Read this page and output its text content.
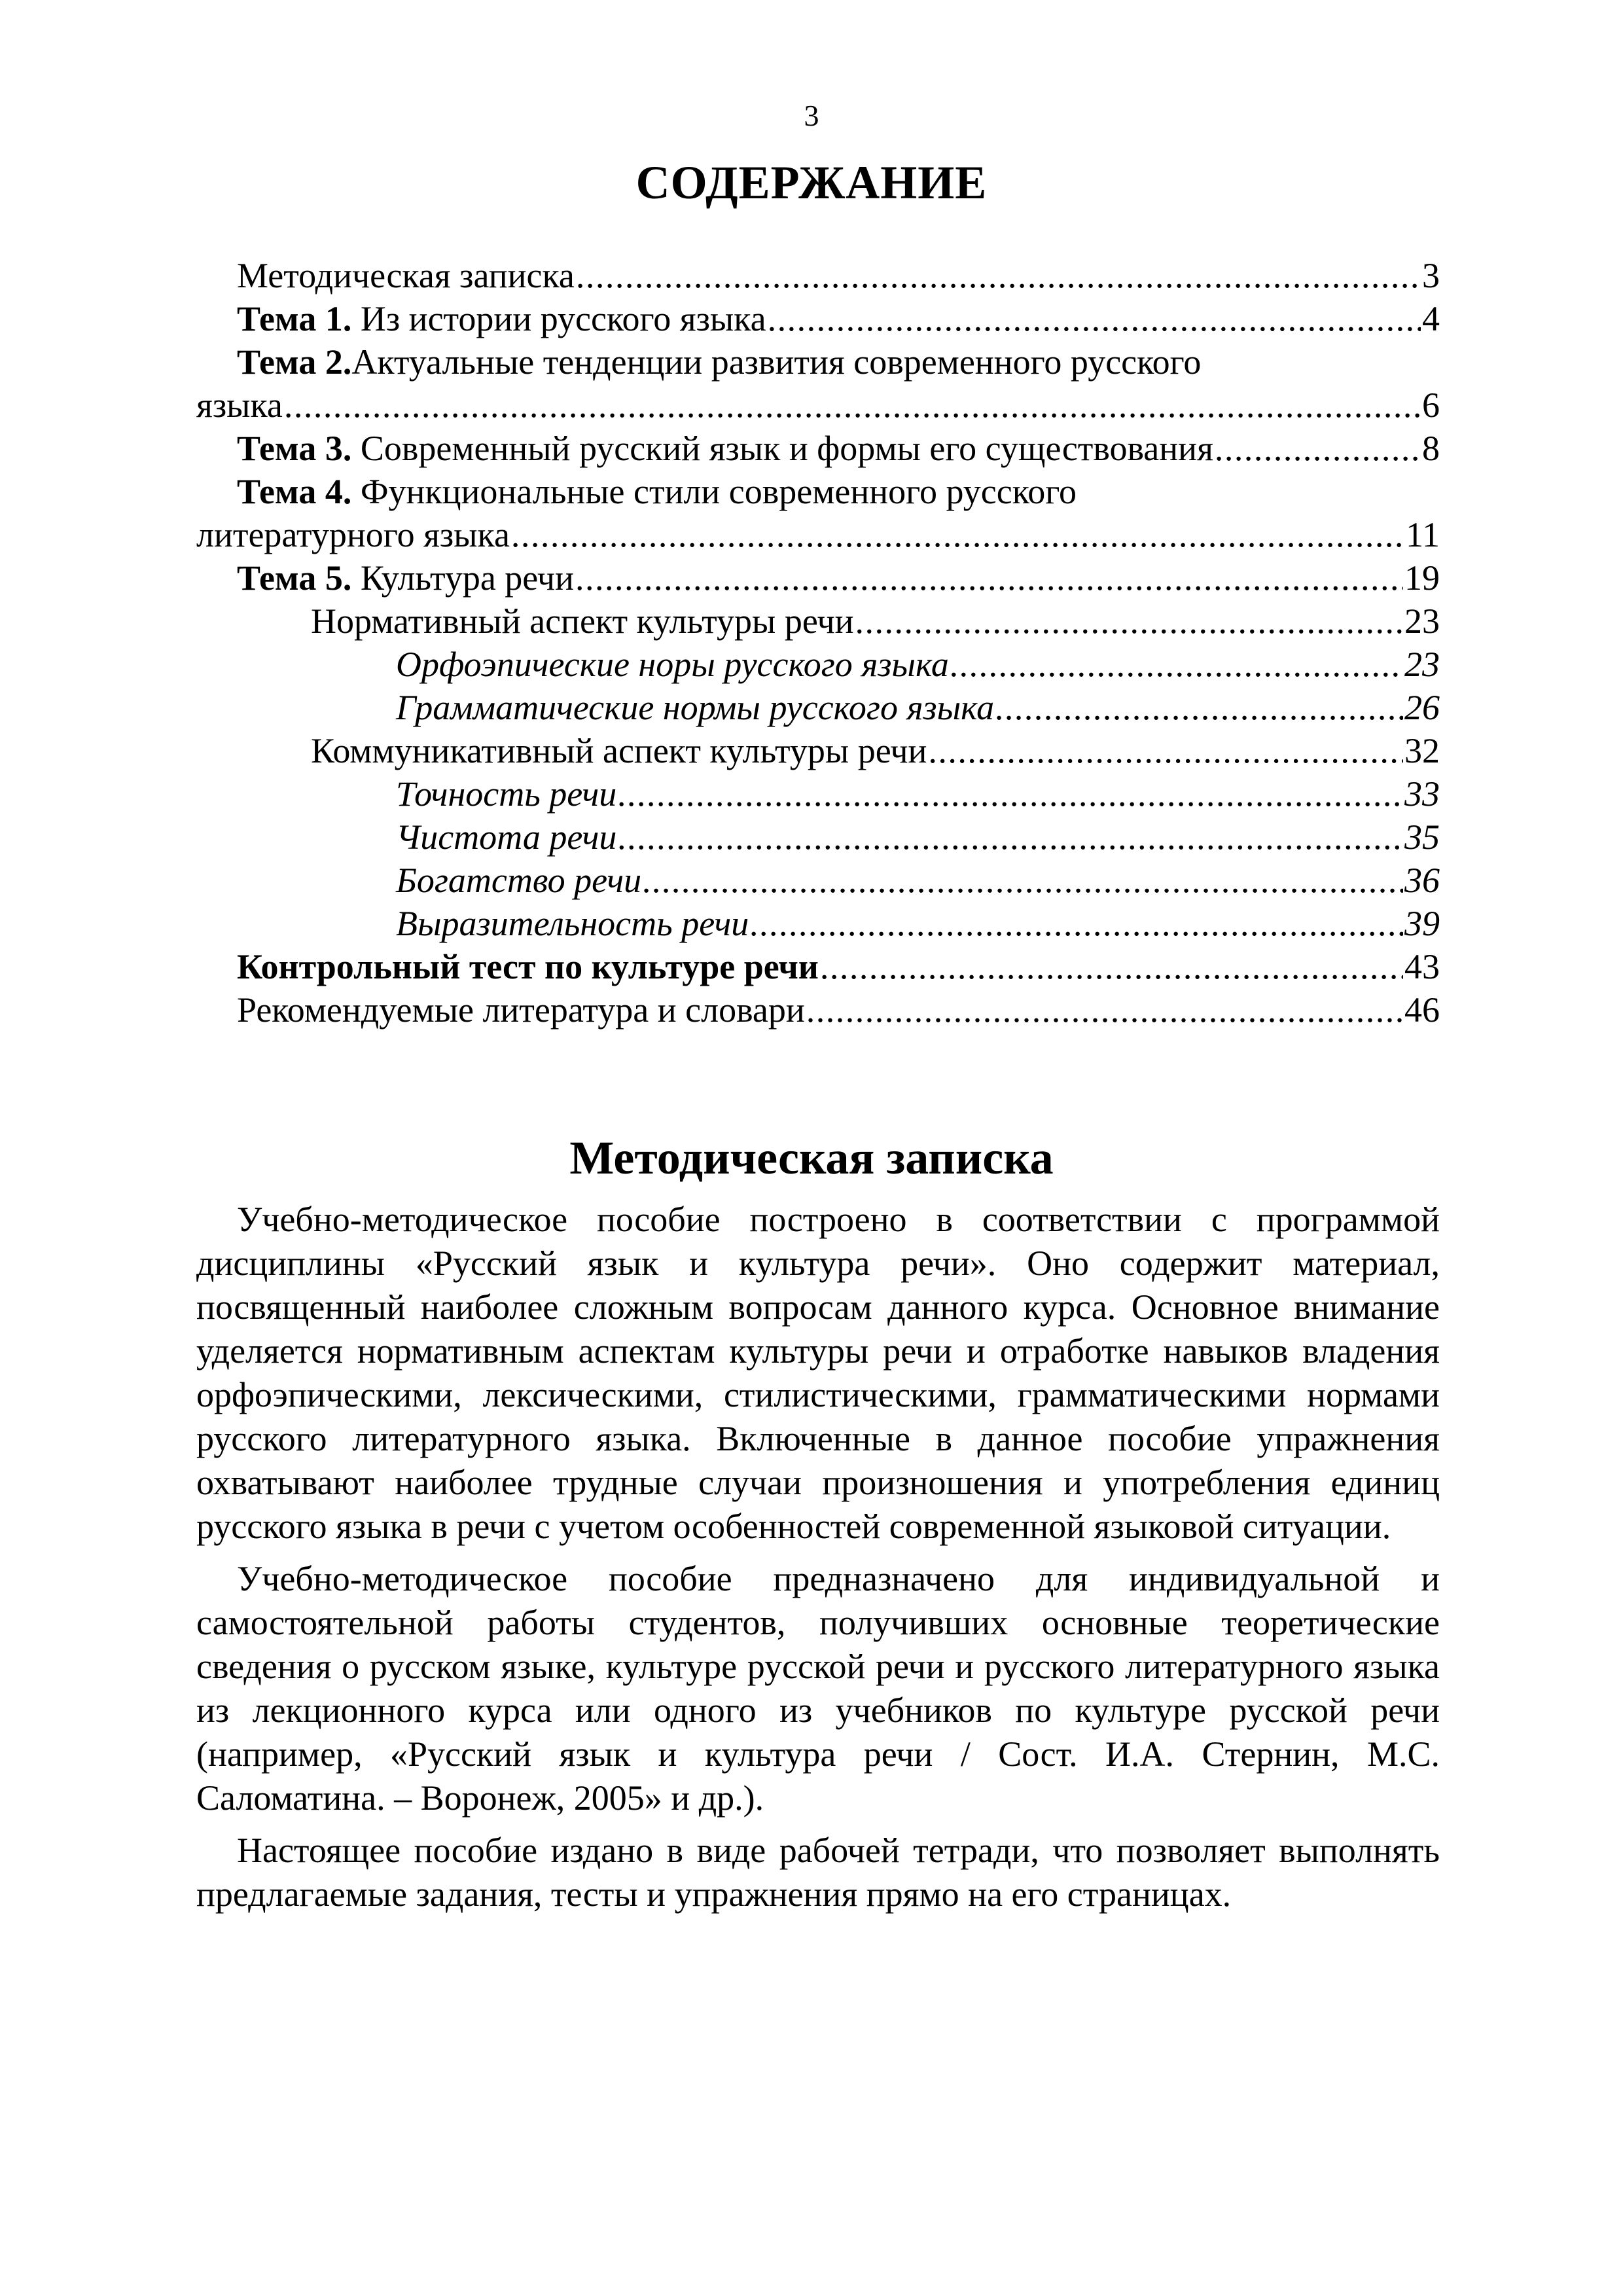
3
СОДЕРЖАНИЕ
Методическая записка . . .	3
Тема 1. Из истории русского языка . . .	4
Тема 2.Актуальные тенденции развития современного русского
языка . . .	6
Тема 3. Современный русский язык и формы его существования . . .	8
Тема 4. Функциональные стили современного русского
литературного языка . . .	11
Тема 5. Культура речи . . .	19
Нормативный аспект культуры речи . . .	23
Орфоэпические норы русского языка . . .	23
Грамматические нормы русского языка . . .	26
Коммуникативный аспект культуры речи . . .	32
Точность речи . . .	33
Чистота речи . . .	35
Богатство речи . . .	36
Выразительность речи . . .	39
Контрольный тест по культуре речи . . .	43
Рекомендуемые литература и словари . . .	46
Методическая записка

Учебно-методическое пособие построено в соответствии с программой дисциплины «Русский язык и культура речи». Оно содержит материал, посвященный наиболее сложным вопросам данного курса. Основное внимание уделяется нормативным аспектам культуры речи и отработке навыков владения орфоэпическими, лексическими, стилистическими, грамматическими нормами русского литературного языка. Включенные в данное пособие упражнения охватывают наиболее трудные случаи произношения и употребления единиц русского языка в речи с учетом особенностей современной языковой ситуации.

Учебно-методическое пособие предназначено для индивидуальной и самостоятельной работы студентов, получивших основные теоретические сведения о русском языке, культуре русской речи и русского литературного языка из лекционного курса или одного из учебников по культуре русской речи (например, «Русский язык и культура речи / Сост. И.А. Стернин, М.С. Саломатина. – Воронеж, 2005» и др.).

Настоящее пособие издано в виде рабочей тетради, что позволяет выполнять предлагаемые задания, тесты и упражнения прямо на его страницах.
